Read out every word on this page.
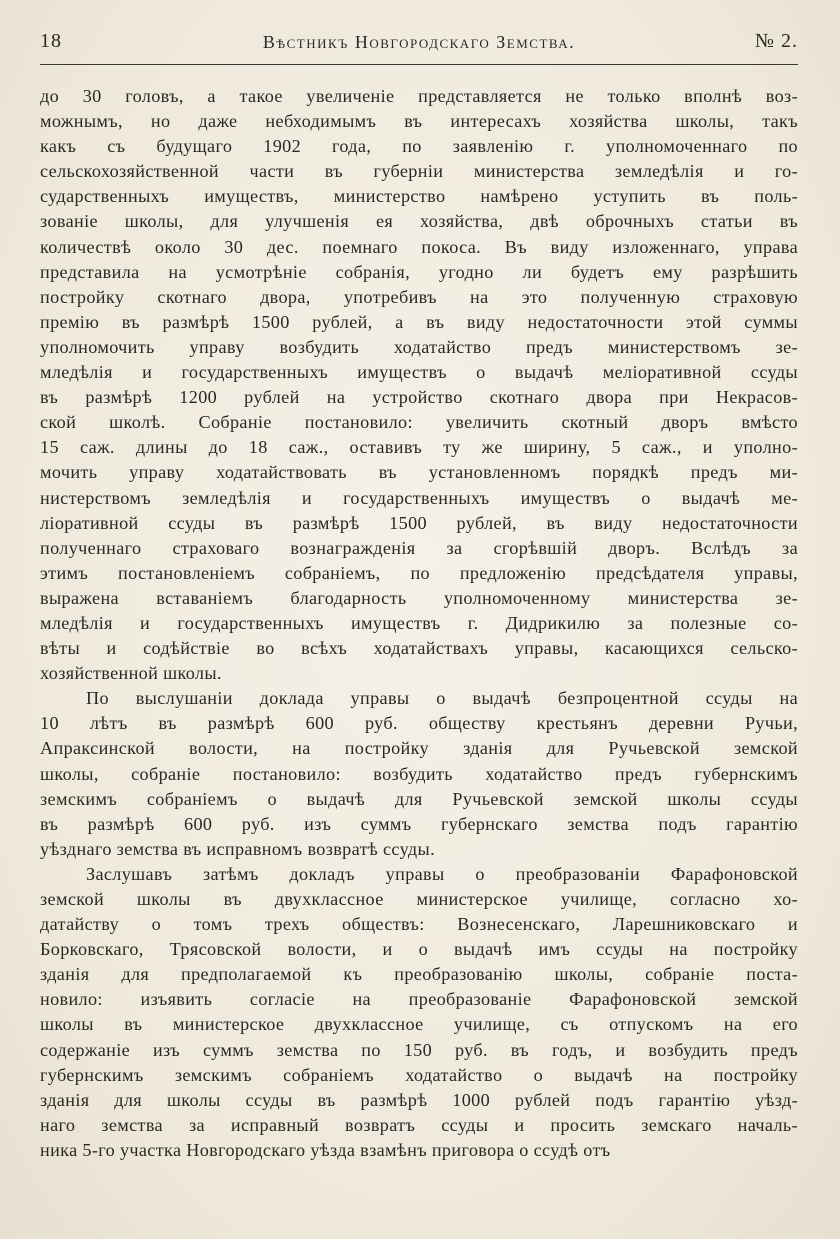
18	Вѣстникъ Новгородскаго Земства.	№ 2.
до 30 головъ, а такое увеличеніе представляется не только вполнѣ воз-
можнымъ, но даже небходимымъ въ интересахъ хозяйства школы, такъ
какъ съ будущаго 1902 года, по заявленію г. уполномоченнаго по
сельскохозяйственной части въ губерніи министерства земледѣлія и го-
сударственныхъ имуществъ, министерство намѣрено уступить въ поль-
зованіе школы, для улучшенія ея хозяйства, двѣ оброчныхъ статьи въ
количествѣ около 30 дес. поемнаго покоса. Въ виду изложеннаго, управа
представила на усмотрѣніе собранія, угодно ли будетъ ему разрѣшить
постройку скотнаго двора, употребивъ на это полученную страховую
премію въ размѣрѣ 1500 рублей, а въ виду недостаточности этой суммы
уполномочить управу возбудить ходатайство предъ министерствомъ зе-
мледѣлія и государственныхъ имуществъ о выдачѣ меліоративной ссуды
въ размѣрѣ 1200 рублей на устройство скотнаго двора при Некрасов-
ской школѣ. Собраніе постановило: увеличить скотный дворъ вмѣсто
15 саж. длины до 18 саж., оставивъ ту же ширину, 5 саж., и уполно-
мочить управу ходатайствовать въ установленномъ порядкѣ предъ ми-
нистерствомъ земледѣлія и государственныхъ имуществъ о выдачѣ ме-
ліоративной ссуды въ размѣрѣ 1500 рублей, въ виду недостаточности
полученнаго страховаго вознагражденія за сгорѣвшій дворъ. Вслѣдъ за
этимъ постановленіемъ собраніемъ, по предложенію предсѣдателя управы,
выражена вставаніемъ благодарность уполномоченному министерства зе-
мледѣлія и государственныхъ имуществъ г. Дидрикилю за полезные со-
вѣты и содѣйствіе во всѣхъ ходатайствахъ управы, касающихся сельско-
хозяйственной школы.
По выслушаніи доклада управы о выдачѣ безпроцентной ссуды на
10 лѣтъ въ размѣрѣ 600 руб. обществу крестьянъ деревни Ручьи,
Апраксинской волости, на постройку зданія для Ручьевской земской
школы, собраніе постановило: возбудить ходатайство предъ губернскимъ
земскимъ собраніемъ о выдачѣ для Ручьевской земской школы ссуды
въ размѣрѣ 600 руб. изъ суммъ губернскаго земства подъ гарантію
уѣзднаго земства въ исправномъ возвратѣ ссуды.
Заслушавъ затѣмъ докладъ управы о преобразованіи Фарафоновской
земской школы въ двухклассное министерское училище, согласно хо-
датайству о томъ трехъ обществъ: Вознесенскаго, Ларешниковскаго и
Борковскаго, Трясовской волости, и о выдачѣ имъ ссуды на постройку
зданія для предполагаемой къ преобразованію школы, собраніе поста-
новило: изъявить согласіе на преобразованіе Фарафоновской земской
школы въ министерское двухклассное училище, съ отпускомъ на его
содержаніе изъ суммъ земства по 150 руб. въ годъ, и возбудить предъ
губернскимъ земскимъ собраніемъ ходатайство о выдачѣ на постройку
зданія для школы ссуды въ размѣрѣ 1000 рублей подъ гарантію уѣзд-
наго земства за исправный возвратъ ссуды и просить земскаго началь-
ника 5-го участка Новгородскаго уѣзда взамѣнъ приговора о ссудѣ отъ
